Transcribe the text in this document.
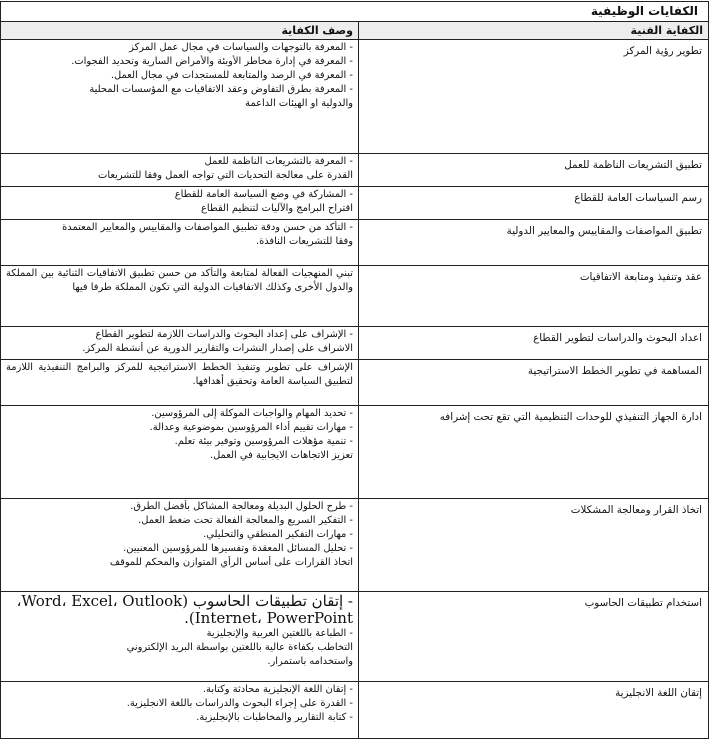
الكفايات الوظيفية	
الكفاية الفنية	وصف الكفاية
تطوير رؤية المركز	- المعرفة بالتوجهات والسياسات في مجال عمل المركز
- المعرفة في إدارة مخاطر الأوبئة والأمراض السارية وتحديد الفجوات.
- المعرفة في الرصد والمتابعة للمستجدات في مجال العمل.
- المعرفة بطرق التفاوض وعقد الاتفاقيات مع المؤسسات المحلية
والدولية او الهيئات الداعمة

تطبيق التشريعات الناظمة للعمل	- المعرفة بالتشريعات الناظمة للعمل
القدرة على معالجة التحديات التي تواجه العمل وفقا للتشريعات

رسم السياسات العامة للقطاع	- المشاركة في وضع السياسة العامة للقطاع
اقتراح البرامج والآليات لتنظيم القطاع

تطبيق المواصفات والمقاييس والمعايير الدولية	- التأكد من حسن ودقة تطبيق المواصفات والمقاييس والمعايير المعتمدة
وفقا للتشريعات النافذة.

عقد وتنفيذ ومتابعة الاتفاقيات	تبني المنهجيات الفعالة لمتابعة والتأكد من حسن تطبيق الاتفاقيات الثنائية بين المملكة والدول الأخرى وكذلك الاتفاقيات الدولية التي تكون المملكة طرفا فيها

اعداد البحوث والدراسات لتطوير القطاع	- الإشراف على إعداد البحوث والدراسات اللازمة لتطوير القطاع
الاشراف على إصدار النشرات والتقارير الدورية عن أنشطة المركز.

المساهمة في تطوير الخطط الاستراتيجية	الإشراف على تطوير وتنفيذ الخطط الاستراتيجية للمركز والبرامج التنفيذية اللازمة لتطبيق السياسة العامة وتحقيق أهدافها.

ادارة الجهاز التنفيذي للوحدات التنظيمية التي تقع تحت إشرافه	- تحديد المهام والواجبات الموكلة إلى المرؤوسين.
- مهارات تقييم أداء المرؤوسين بموضوعية وعدالة.
- تنمية مؤهلات المرؤوسين وتوفير بيئة تعلم.
تعزيز الاتجاهات الايجابية في العمل.

اتخاذ القرار ومعالجة المشكلات	- طرح الحلول البديلة ومعالجة المشاكل بأفضل الطرق.
- التفكير السريع والمعالجة الفعالة تحت ضغط العمل.
- مهارات التفكير المنطقي والتحليلي.
- تحليل المسائل المعقدة وتفسيرها للمرؤوسين المعنيين.
اتخاذ القرارات على أساس الرأي المتوازن والمحكم للموقف

استخدام تطبيقات الحاسوب	- إتقان تطبيقات الحاسوب (Word، Excel، Outlook،
Internet، PowerPoint).
- الطباعة باللغتين العربية والإنجليزية
التخاطب بكفاءة عالية باللغتين بواسطة البريد الإلكتروني
واستخدامه باستمرار.

إتقان اللغة الانجليزية	- إتقان اللغة الإنجليزية محادثة وكتابة.
- القدرة على إجراء البحوث والدراسات باللغة الانجليزية.
- كتابة التقارير والمخاطبات بالإنجليزية.
